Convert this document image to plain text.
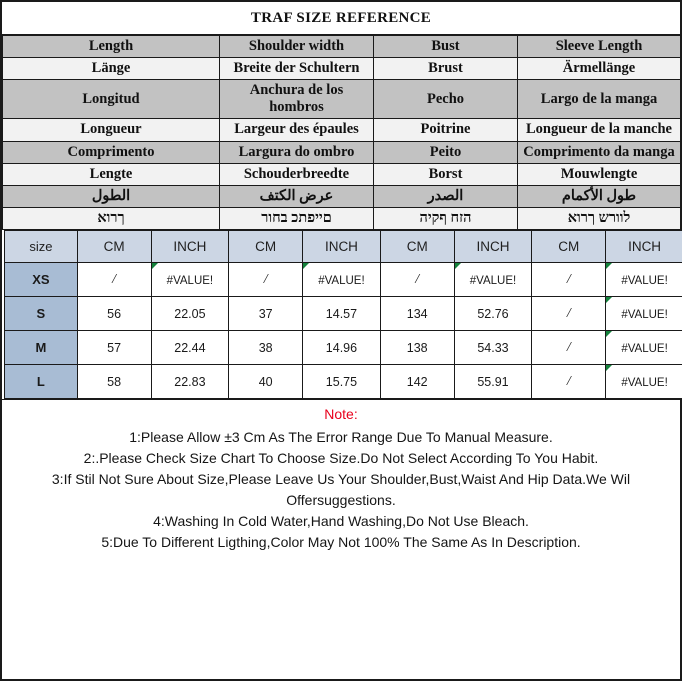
TRAF SIZE REFERENCE
Length	Shoulder width	Bust	Sleeve Length
Länge	Breite der Schultern	Brust	Ärmellänge
Longitud	Anchura de los hombros	Pecho	Largo de la manga
Longueur	Largeur des épaules	Poitrine	Longueur de la manche
Comprimento	Largura do ombro	Peito	Comprimento da manga
Lengte	Schouderbreedte	Borst	Mouwlengte
الطول	عرض الكتف	الصدر	طول الأكمام
אורך	רוחב כתפיים	היקף חזה	אורך שרוול
size	CM	INCH	CM	INCH	CM	INCH	CM	INCH
XS	/	#VALUE!	/	#VALUE!	/	#VALUE!	/	#VALUE!
S	56	22.05	37	14.57	134	52.76	/	#VALUE!
M	57	22.44	38	14.96	138	54.33	/	#VALUE!
L	58	22.83	40	15.75	142	55.91	/	#VALUE!
Note:
1:Please Allow ±3 Cm As The Error Range Due To Manual Measure.
2:.Please Check Size Chart To Choose Size.Do Not Select According To You Habit.
3:If Stil Not Sure About Size,Please Leave Us Your Shoulder,Bust,Waist And Hip Data.We Wil Offersuggestions.
4:Washing In Cold Water,Hand Washing,Do Not Use Bleach.
5:Due To Different Ligthing,Color May Not 100% The Same As In Description.
